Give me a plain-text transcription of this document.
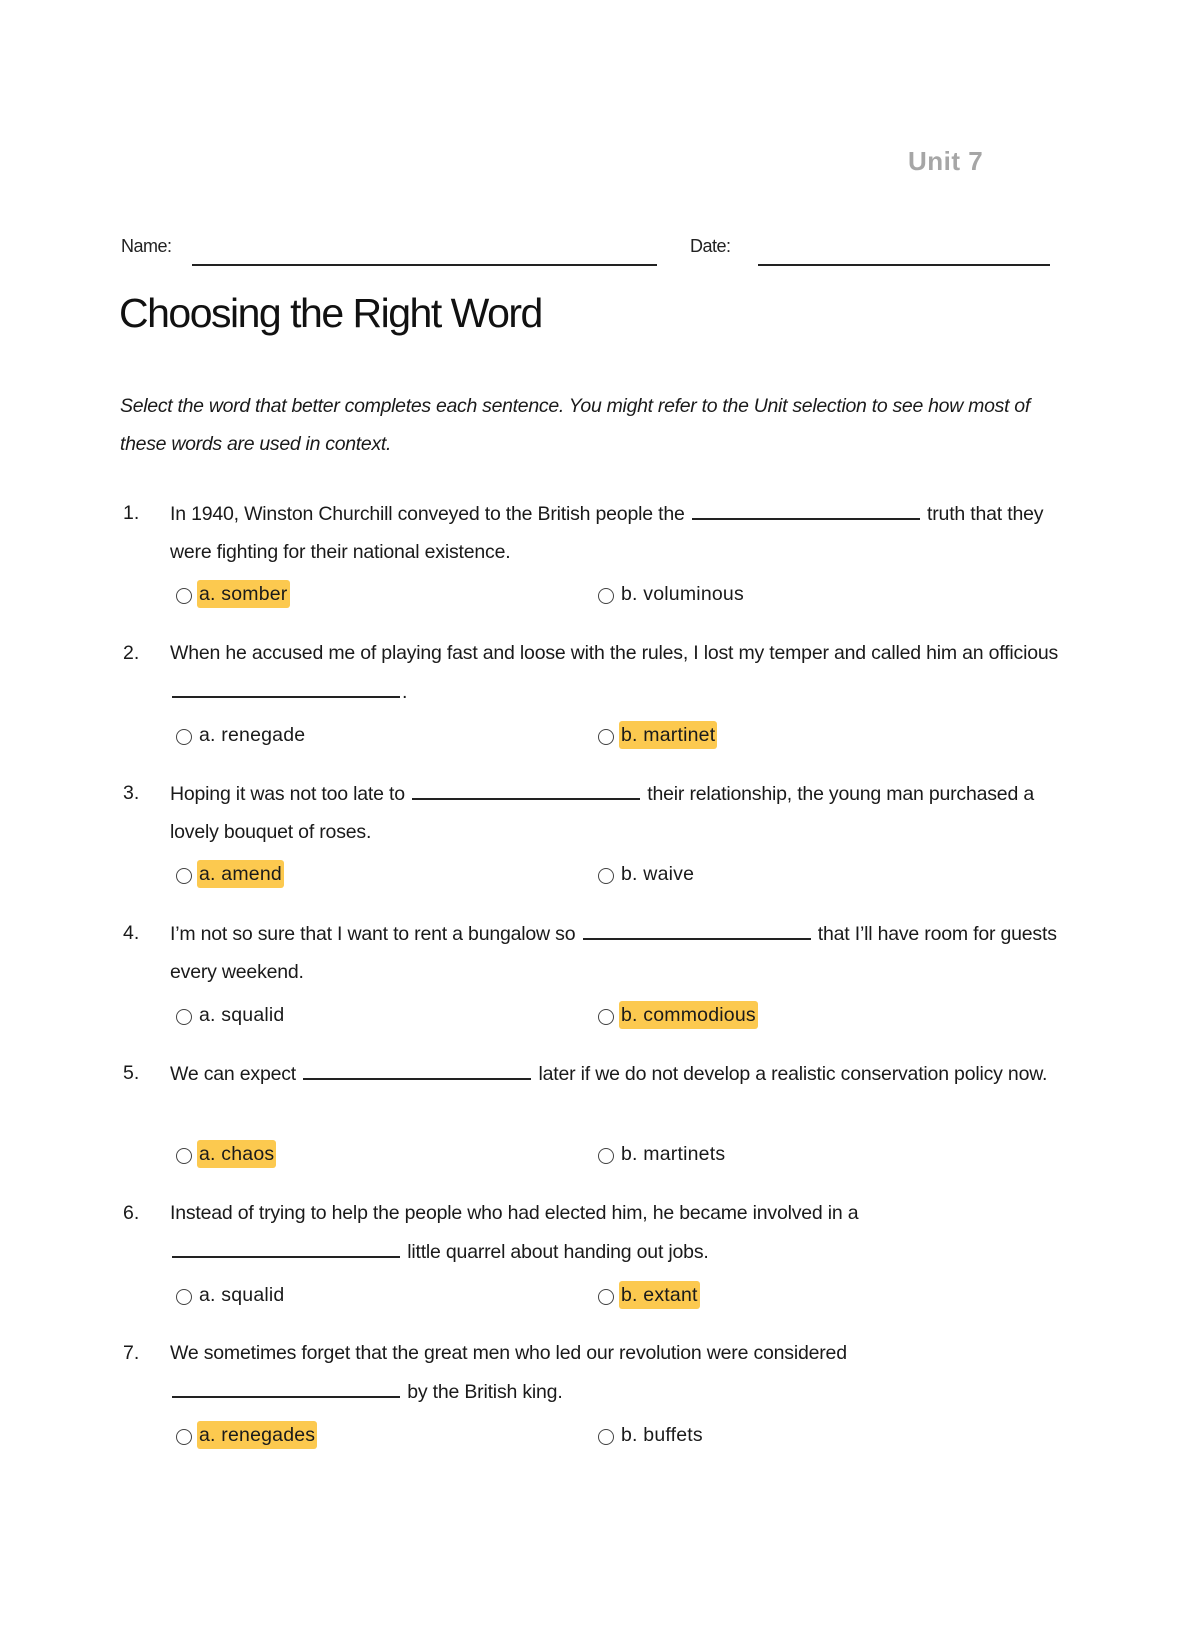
Unit 7
Name:	Date:
Choosing the Right Word
Select the word that better completes each sentence. You might refer to the Unit selection to see how most of these words are used in context.
1. In 1940, Winston Churchill conveyed to the British people the	truth that they were fighting for their national existence.
a. somber	b. voluminous
2. When he accused me of playing fast and loose with the rules, I lost my temper and called him an officious .
a. renegade	b. martinet
3. Hoping it was not too late to	their relationship, the young man purchased a lovely bouquet of roses.
a. amend	b. waive
4. I’m not so sure that I want to rent a bungalow so	that I’ll have room for guests every weekend.
a. squalid	b. commodious
5. We can expect	later if we do not develop a realistic conservation policy now.
a. chaos	b. martinets
6. Instead of trying to help the people who had elected him, he became involved in a  little quarrel about handing out jobs.
a. squalid	b. extant
7. We sometimes forget that the great men who led our revolution were considered  by the British king.
a. renegades	b. buffets
